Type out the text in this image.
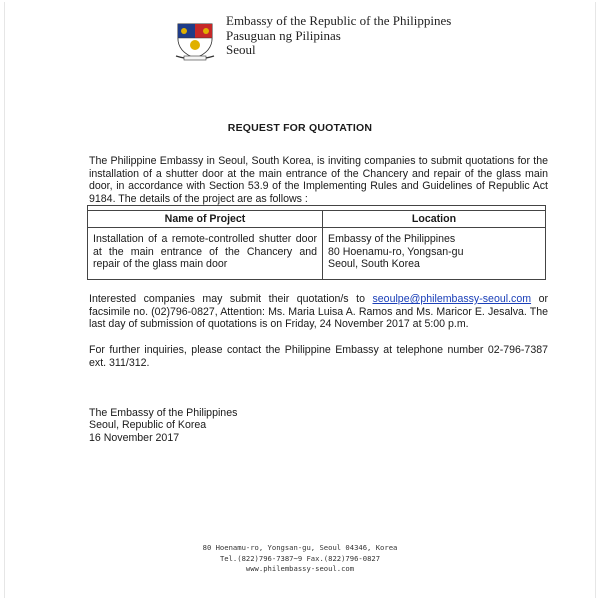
Embassy of the Republic of the Philippines
Pasuguan ng Pilipinas
Seoul
REQUEST FOR QUOTATION
The Philippine Embassy in Seoul, South Korea, is inviting companies to submit quotations for the installation of a shutter door at the main entrance of the Chancery and repair of the glass main door, in accordance with Section 53.9 of the Implementing Rules and Guidelines of Republic Act 9184. The details of the project are as follows :

Name of Project	Location
Installation of a remote-controlled shutter door at the main entrance of the Chancery and repair of the glass main door	Embassy of the Philippines
80 Hoenamu-ro, Yongsan-gu
Seoul, South Korea
Interested companies may submit their quotation/s to seoulpe@philembassy-seoul.com or facsimile no. (02)796-0827, Attention: Ms. Maria Luisa A. Ramos and Ms. Maricor E. Jesalva. The last day of submission of quotations is on Friday, 24 November 2017 at 5:00 p.m.
For further inquiries, please contact the Philippine Embassy at telephone number 02-796-7387 ext. 311/312.
The Embassy of the Philippines
Seoul, Republic of Korea
16 November 2017
80 Hoenamu-ro, Yongsan-gu, Seoul 04346, Korea
Tel.(822)796-7387~9 Fax.(822)796-0827
www.philembassy-seoul.com
